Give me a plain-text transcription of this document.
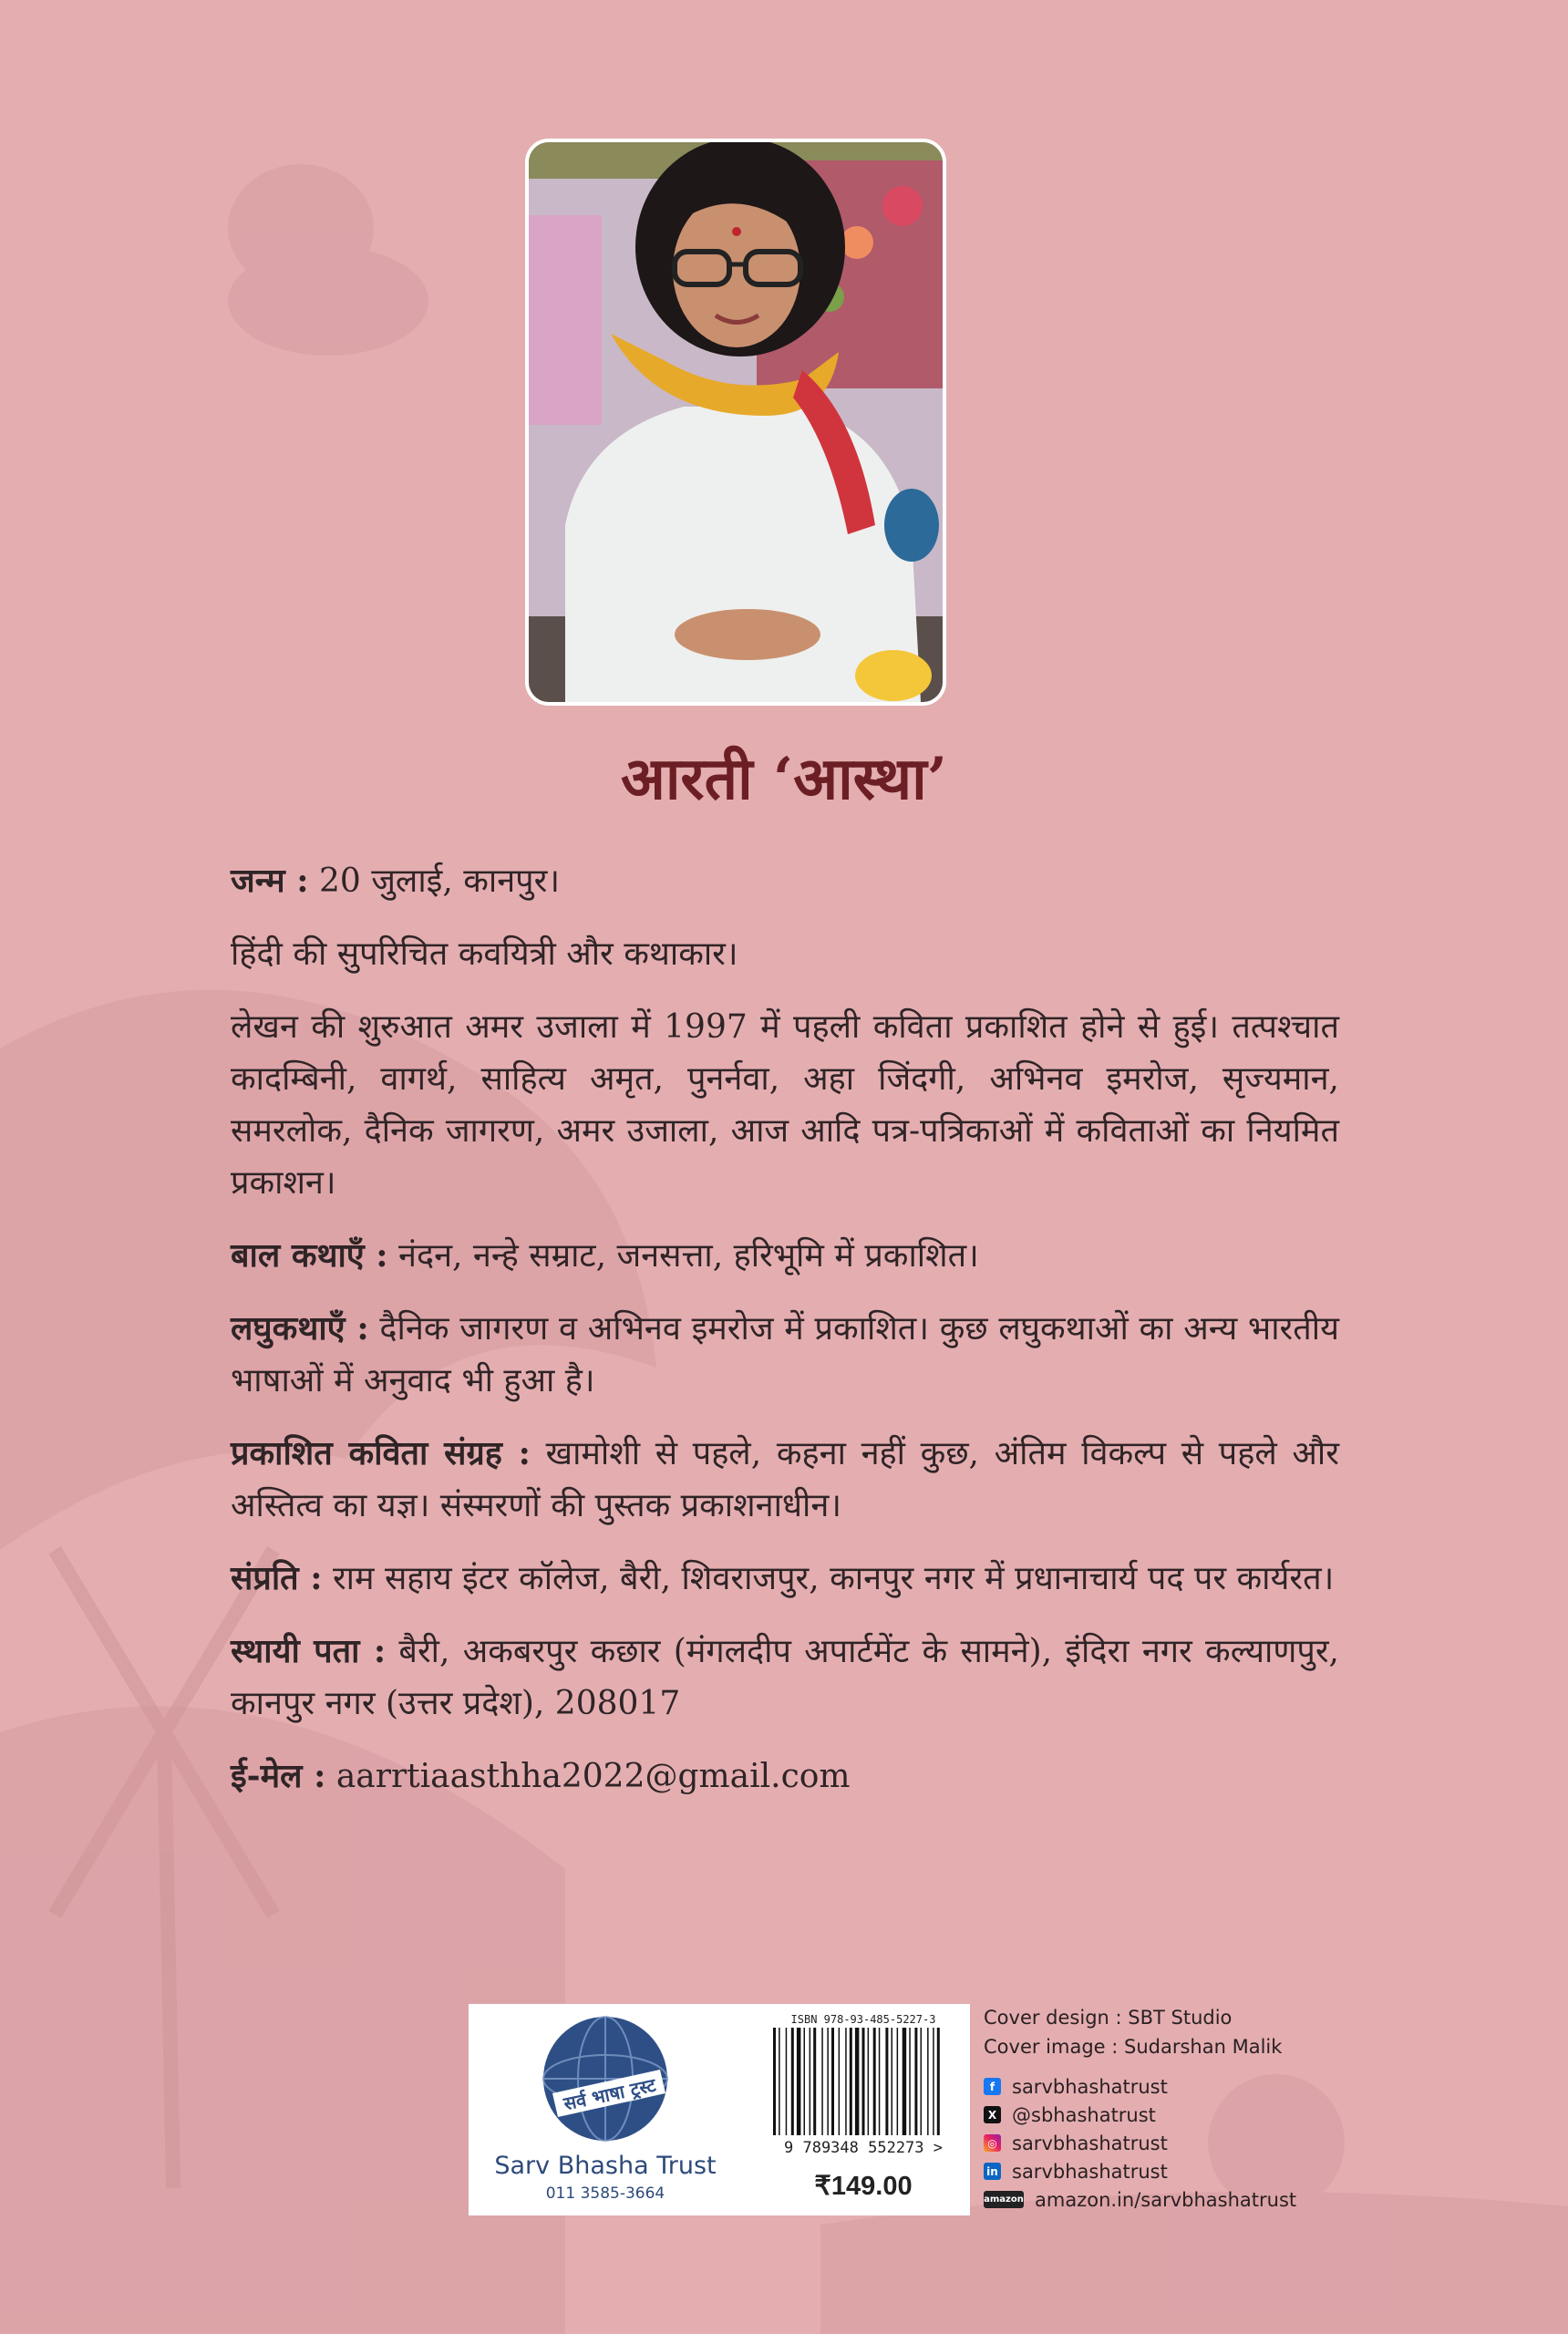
आरती ‘आस्था’

जन्म : 20 जुलाई, कानपुर।

हिंदी की सुपरिचित कवयित्री और कथाकार।

लेखन की शुरुआत अमर उजाला में 1997 में पहली कविता प्रकाशित होने से हुई। तत्पश्चात कादम्बिनी, वागर्थ, साहित्य अमृत, पुनर्नवा, अहा जिंदगी, अभिनव इमरोज, सृज्यमान, समरलोक, दैनिक जागरण, अमर उजाला, आज आदि पत्र-पत्रिकाओं में कविताओं का नियमित प्रकाशन।

बाल कथाएँ : नंदन, नन्हे सम्राट, जनसत्ता, हरिभूमि में प्रकाशित।

लघुकथाएँ : दैनिक जागरण व अभिनव इमरोज में प्रकाशित। कुछ लघुकथाओं का अन्य भारतीय भाषाओं में अनुवाद भी हुआ है।

प्रकाशित कविता संग्रह : खामोशी से पहले, कहना नहीं कुछ, अंतिम विकल्प से पहले और अस्तित्व का यज्ञ। संस्मरणों की पुस्तक प्रकाशनाधीन।

संप्रति : राम सहाय इंटर कॉलेज, बैरी, शिवराजपुर, कानपुर नगर में प्रधानाचार्य पद पर कार्यरत।

स्थायी पता : बैरी, अकबरपुर कछार (मंगलदीप अपार्टमेंट के सामने), इंदिरा नगर कल्याणपुर, कानपुर नगर (उत्तर प्रदेश), 208017

ई-मेल : aarrtiaasthha2022@gmail.com

सर्व भाषा ट्रस्ट
Sarv Bhasha Trust
011 3585-3664
ISBN 978-93-485-5227-3
9 789348 552273 >
₹149.00
Cover design : SBT Studio
Cover image : Sudarshan Malik
f sarvbhashatrust
X @sbhashatrust
◎ sarvbhashatrust
in sarvbhashatrust
amazon amazon.in/sarvbhashatrust
